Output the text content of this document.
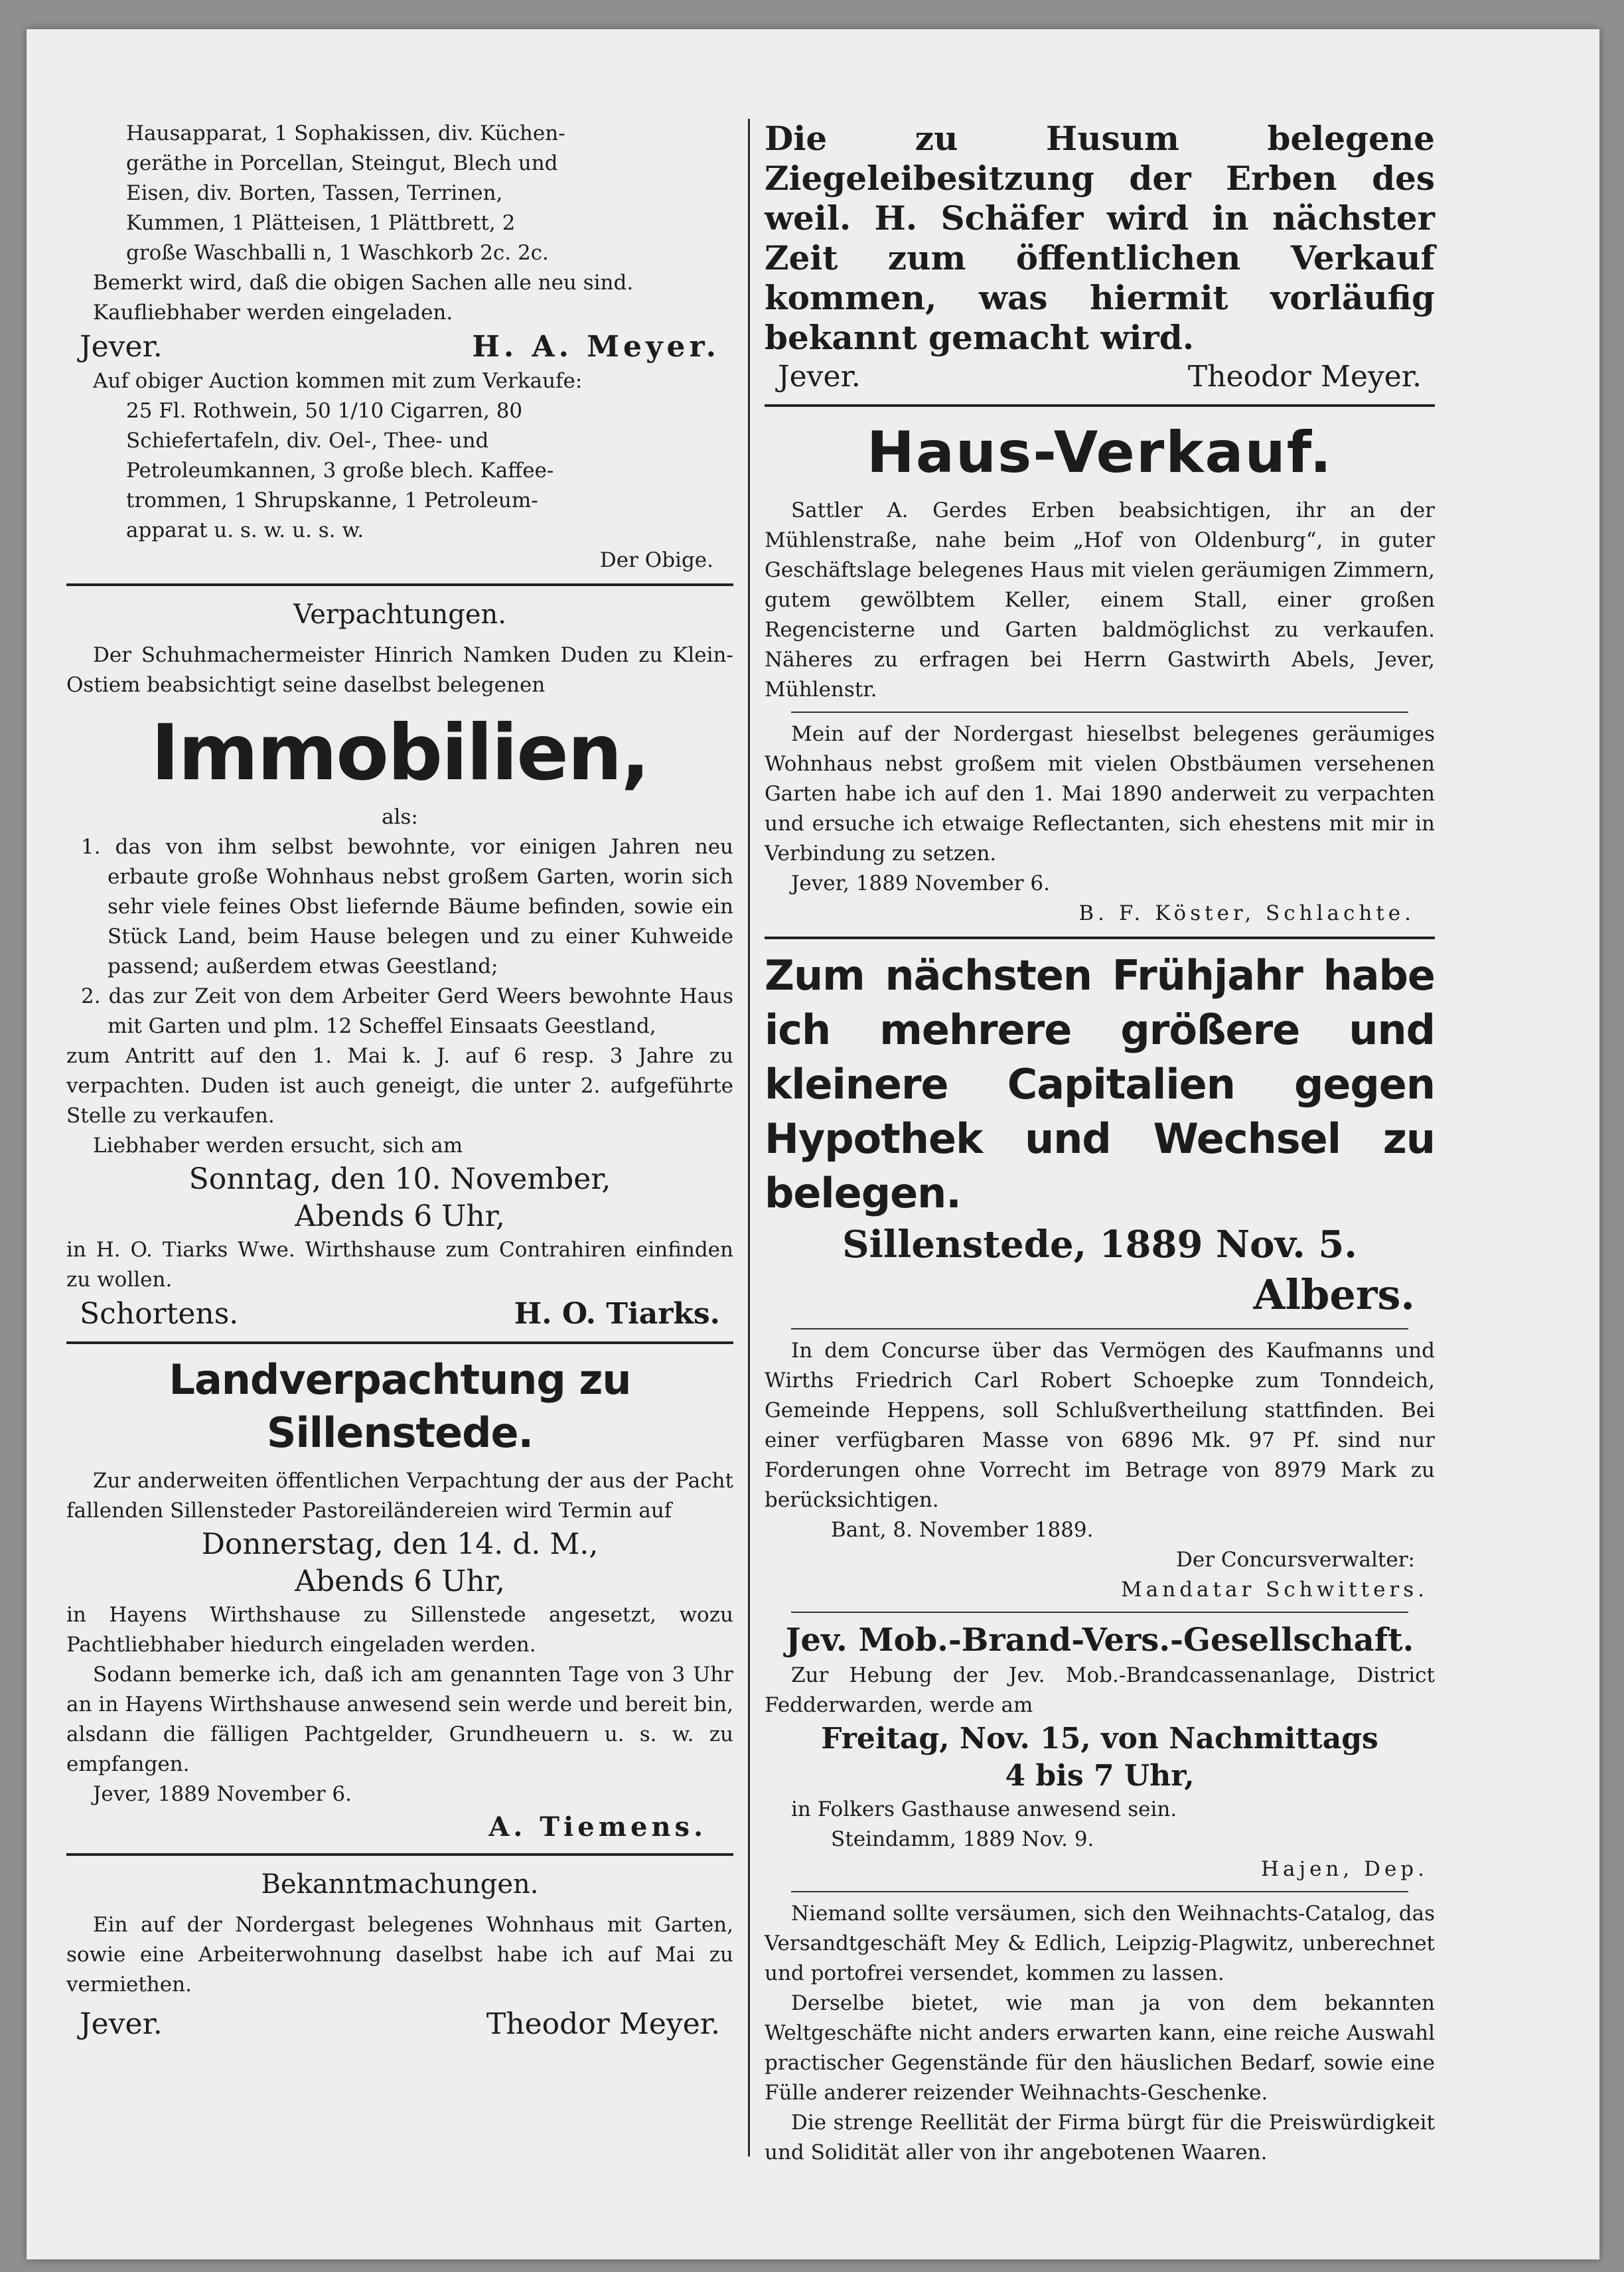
Hausapparat, 1 Sophakissen, div. Küchen-

geräthe in Porcellan, Steingut, Blech und

Eisen, div. Borten, Tassen, Terrinen,

Kummen, 1 Plätteisen, 1 Plättbrett, 2

große Waschballi n, 1 Waschkorb 2c. 2c.

Bemerkt wird, daß die obigen Sachen alle neu sind.

Kaufliebhaber werden eingeladen.

Jever.	H. A. Meyer.

Auf obiger Auction kommen mit zum Verkaufe:

25 Fl. Rothwein, 50 1/10 Cigarren, 80

Schiefertafeln, div. Oel-, Thee- und

Petroleumkannen, 3 große blech. Kaffee-

trommen, 1 Shrupskanne, 1 Petroleum-

apparat u. s. w. u. s. w.

Der Obige.

Verpachtungen.

Der Schuhmachermeister Hinrich Namken Duden zu Klein-Ostiem beabsichtigt seine daselbst belegenen

Immobilien,

als:

1. das von ihm selbst bewohnte, vor einigen Jahren neu erbaute große Wohnhaus nebst großem Garten, worin sich sehr viele feines Obst liefernde Bäume befinden, sowie ein Stück Land, beim Hause belegen und zu einer Kuhweide passend; außerdem etwas Geestland;

2. das zur Zeit von dem Arbeiter Gerd Weers bewohnte Haus mit Garten und plm. 12 Scheffel Einsaats Geestland,

zum Antritt auf den 1. Mai k. J. auf 6 resp. 3 Jahre zu verpachten. Duden ist auch geneigt, die unter 2. aufgeführte Stelle zu verkaufen.

Liebhaber werden ersucht, sich am

Sonntag, den 10. November,

Abends 6 Uhr,

in H. O. Tiarks Wwe. Wirthshause zum Contrahiren einfinden zu wollen.

Schortens.	H. O. Tiarks.

Landverpachtung zu Sillenstede.

Zur anderweiten öffentlichen Verpachtung der aus der Pacht fallenden Sillenstеder Pastoreiländereien wird Termin auf

Donnerstag, den 14. d. M.,

Abends 6 Uhr,

in Hayens Wirthshause zu Sillenstede angesetzt, wozu Pachtliebhaber hiedurch eingeladen werden.

Sodann bemerke ich, daß ich am genannten Tage von 3 Uhr an in Hayens Wirthshause anwesend sein werde und bereit bin, alsdann die fälligen Pachtgelder, Grundheuern u. s. w. zu empfangen.

Jever, 1889 November 6.

A. Tiemens.

Bekanntmachungen.

Ein auf der Nordergast belegenes Wohnhaus mit Garten, sowie eine Arbeiterwohnung daselbst habe ich auf Mai zu vermiethen.

Jever.	Theodor Meyer.

Die zu Husum belegene Ziegeleibesitzung der Erben des weil. H. Schäfer wird in nächster Zeit zum öffentlichen Verkauf kommen, was hiermit vorläufig bekannt gemacht wird.

Jever.	Theodor Meyer.

Haus-Verkauf.

Sattler A. Gerdes Erben beabsichtigen, ihr an der Mühlenstraße, nahe beim „Hof von Oldenburg“, in guter Geschäftslage belegenes Haus mit vielen geräumigen Zimmern, gutem gewölbtem Keller, einem Stall, einer großen Regencisterne und Garten baldmöglichst zu verkaufen. Näheres zu erfragen bei Herrn Gastwirth Abels, Jever, Mühlenstr.

Mein auf der Nordergast hieselbst belegenes geräumiges Wohnhaus nebst großem mit vielen Obstbäumen versehenen Garten habe ich auf den 1. Mai 1890 anderweit zu verpachten und ersuche ich etwaige Reflectanten, sich ehestens mit mir in Verbindung zu setzen.

Jever, 1889 November 6.

B. F. Köster, Schlachte.

Zum nächsten Frühjahr habe ich mehrere größere und kleinere Capitalien gegen Hypothek und Wechsel zu belegen.

Sillenstede, 1889 Nov. 5.

Albers.

In dem Concurse über das Vermögen des Kaufmanns und Wirths Friedrich Carl Robert Schoepke zum Tonndeich, Gemeinde Heppens, soll Schlußvertheilung stattfinden. Bei einer verfügbaren Masse von 6896 Mk. 97 Pf. sind nur Forderungen ohne Vorrecht im Betrage von 8979 Mark zu berücksichtigen.

Bant, 8. November 1889.

Der Concursverwalter:

Mandatar Schwitters.

Jev. Mob.-Brand-Vers.-Gesellschaft.

Zur Hebung der Jev. Mob.-Brandcassenanlage, District Fedderwarden, werde am

Freitag, Nov. 15, von Nachmittags

4 bis 7 Uhr,

in Folkers Gasthause anwesend sein.

Steindamm, 1889 Nov. 9.

Hajen, Dep.

Niemand sollte versäumen, sich den Weihnachts-Catalog, das Versandtgeschäft Mey & Edlich, Leipzig-Plagwitz, unberechnet und portofrei versendet, kommen zu lassen.

Derselbe bietet, wie man ja von dem bekannten Weltgeschäfte nicht anders erwarten kann, eine reiche Auswahl practischer Gegenstände für den häuslichen Bedarf, sowie eine Fülle anderer reizender Weihnachts-Geschenke.

Die strenge Reellität der Firma bürgt für die Preiswürdigkeit und Solidität aller von ihr angebotenen Waaren.
